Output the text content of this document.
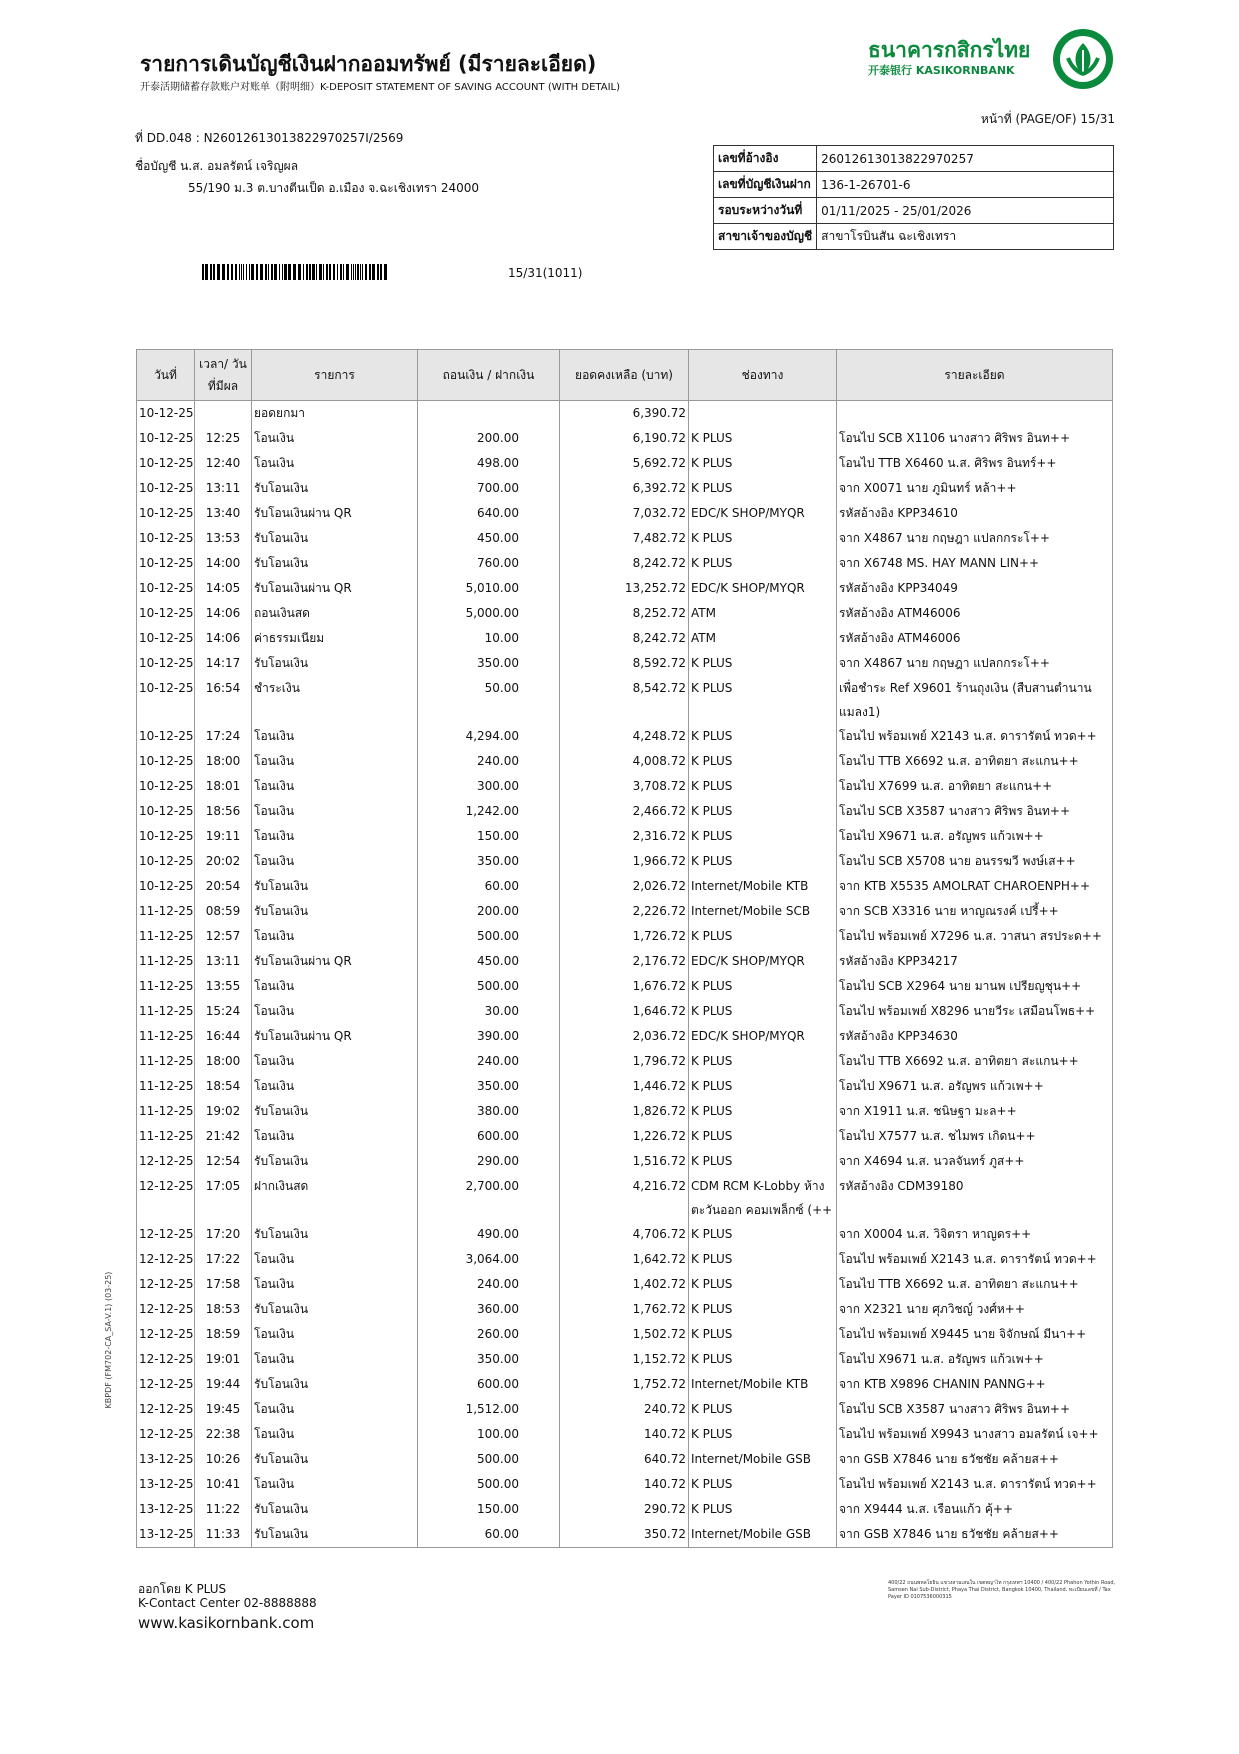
รายการเดินบัญชีเงินฝากออมทรัพย์ (มีรายละเอียด)
开泰活期储蓄存款账户对账单（附明细）K-DEPOSIT STATEMENT OF SAVING ACCOUNT (WITH DETAIL)
ธนาคารกสิกรไทย
开泰银行 KASIKORNBANK
หน้าที่ (PAGE/OF) 15/31
ที่ DD.048 : N26012613013822970257I/2569
ชื่อบัญชี น.ส. อมลรัตน์ เจริญผล
55/190 ม.3 ต.บางตีนเป็ด อ.เมือง จ.ฉะเชิงเทรา 24000
15/31(1011)
เลขที่อ้างอิง	26012613013822970257
เลขที่บัญชีเงินฝาก	136-1-26701-6
รอบระหว่างวันที่	01/11/2025 - 25/01/2026
สาขาเจ้าของบัญชี	สาขาโรบินสัน ฉะเชิงเทรา
วันที่	เวลา/ วันที่มีผล	รายการ	ถอนเงิน / ฝากเงิน	ยอดคงเหลือ (บาท)	ช่องทาง	รายละเอียด
10-12-25		ยอดยกมา		6,390.72		
10-12-25	12:25	โอนเงิน	200.00	6,190.72	K PLUS	โอนไป SCB X1106 นางสาว ศิริพร อินท++
10-12-25	12:40	โอนเงิน	498.00	5,692.72	K PLUS	โอนไป TTB X6460 น.ส. ศิริพร อินทร์++
10-12-25	13:11	รับโอนเงิน	700.00	6,392.72	K PLUS	จาก X0071 นาย ภูมินทร์ หล้า++
10-12-25	13:40	รับโอนเงินผ่าน QR	640.00	7,032.72	EDC/K SHOP/MYQR	รหัสอ้างอิง KPP34610
10-12-25	13:53	รับโอนเงิน	450.00	7,482.72	K PLUS	จาก X4867 นาย กฤษฎา แปลกกระโ++
10-12-25	14:00	รับโอนเงิน	760.00	8,242.72	K PLUS	จาก X6748 MS. HAY MANN LIN++
10-12-25	14:05	รับโอนเงินผ่าน QR	5,010.00	13,252.72	EDC/K SHOP/MYQR	รหัสอ้างอิง KPP34049
10-12-25	14:06	ถอนเงินสด	5,000.00	8,252.72	ATM	รหัสอ้างอิง ATM46006
10-12-25	14:06	ค่าธรรมเนียม	10.00	8,242.72	ATM	รหัสอ้างอิง ATM46006
10-12-25	14:17	รับโอนเงิน	350.00	8,592.72	K PLUS	จาก X4867 นาย กฤษฎา แปลกกระโ++
10-12-25	16:54	ชำระเงิน	50.00	8,542.72	K PLUS	เพื่อชำระ Ref X9601 ร้านถุงเงิน (สืบสานตำนาน แมลง1)
10-12-25	17:24	โอนเงิน	4,294.00	4,248.72	K PLUS	โอนไป พร้อมเพย์ X2143 น.ส. ดารารัตน์ ทวด++
10-12-25	18:00	โอนเงิน	240.00	4,008.72	K PLUS	โอนไป TTB X6692 น.ส. อาทิตยา สะแกน++
10-12-25	18:01	โอนเงิน	300.00	3,708.72	K PLUS	โอนไป X7699 น.ส. อาทิตยา สะแกน++
10-12-25	18:56	โอนเงิน	1,242.00	2,466.72	K PLUS	โอนไป SCB X3587 นางสาว ศิริพร อินท++
10-12-25	19:11	โอนเงิน	150.00	2,316.72	K PLUS	โอนไป X9671 น.ส. อรัญพร แก้วเพ++
10-12-25	20:02	โอนเงิน	350.00	1,966.72	K PLUS	โอนไป SCB X5708 นาย อนรรฆวี พงษ์เส++
10-12-25	20:54	รับโอนเงิน	60.00	2,026.72	Internet/Mobile KTB	จาก KTB X5535 AMOLRAT CHAROENPH++
11-12-25	08:59	รับโอนเงิน	200.00	2,226.72	Internet/Mobile SCB	จาก SCB X3316 นาย หาญณรงค์ เปรี้++
11-12-25	12:57	โอนเงิน	500.00	1,726.72	K PLUS	โอนไป พร้อมเพย์ X7296 น.ส. วาสนา สรประด++
11-12-25	13:11	รับโอนเงินผ่าน QR	450.00	2,176.72	EDC/K SHOP/MYQR	รหัสอ้างอิง KPP34217
11-12-25	13:55	โอนเงิน	500.00	1,676.72	K PLUS	โอนไป SCB X2964 นาย มานพ เปรียญชุน++
11-12-25	15:24	โอนเงิน	30.00	1,646.72	K PLUS	โอนไป พร้อมเพย์ X8296 นายวีระ เสมือนโพธ++
11-12-25	16:44	รับโอนเงินผ่าน QR	390.00	2,036.72	EDC/K SHOP/MYQR	รหัสอ้างอิง KPP34630
11-12-25	18:00	โอนเงิน	240.00	1,796.72	K PLUS	โอนไป TTB X6692 น.ส. อาทิตยา สะแกน++
11-12-25	18:54	โอนเงิน	350.00	1,446.72	K PLUS	โอนไป X9671 น.ส. อรัญพร แก้วเพ++
11-12-25	19:02	รับโอนเงิน	380.00	1,826.72	K PLUS	จาก X1911 น.ส. ชนิษฐา มะล++
11-12-25	21:42	โอนเงิน	600.00	1,226.72	K PLUS	โอนไป X7577 น.ส. ชไมพร เกิดน++
12-12-25	12:54	รับโอนเงิน	290.00	1,516.72	K PLUS	จาก X4694 น.ส. นวลจันทร์ ภูส++
12-12-25	17:05	ฝากเงินสด	2,700.00	4,216.72	CDM RCM K-Lobby ห้างตะวันออก คอมเพล็กซ์ (++	รหัสอ้างอิง CDM39180
12-12-25	17:20	รับโอนเงิน	490.00	4,706.72	K PLUS	จาก X0004 น.ส. วิจิตรา หาญดร++
12-12-25	17:22	โอนเงิน	3,064.00	1,642.72	K PLUS	โอนไป พร้อมเพย์ X2143 น.ส. ดารารัตน์ ทวด++
12-12-25	17:58	โอนเงิน	240.00	1,402.72	K PLUS	โอนไป TTB X6692 น.ส. อาทิตยา สะแกน++
12-12-25	18:53	รับโอนเงิน	360.00	1,762.72	K PLUS	จาก X2321 นาย ศุภวิชญ์ วงศ์ห++
12-12-25	18:59	โอนเงิน	260.00	1,502.72	K PLUS	โอนไป พร้อมเพย์ X9445 นาย จิจักษณ์ มีนา++
12-12-25	19:01	โอนเงิน	350.00	1,152.72	K PLUS	โอนไป X9671 น.ส. อรัญพร แก้วเพ++
12-12-25	19:44	รับโอนเงิน	600.00	1,752.72	Internet/Mobile KTB	จาก KTB X9896 CHANIN PANNG++
12-12-25	19:45	โอนเงิน	1,512.00	240.72	K PLUS	โอนไป SCB X3587 นางสาว ศิริพร อินท++
12-12-25	22:38	โอนเงิน	100.00	140.72	K PLUS	โอนไป พร้อมเพย์ X9943 นางสาว อมลรัตน์ เจ++
13-12-25	10:26	รับโอนเงิน	500.00	640.72	Internet/Mobile GSB	จาก GSB X7846 นาย ธวัชชัย คล้ายส++
13-12-25	10:41	โอนเงิน	500.00	140.72	K PLUS	โอนไป พร้อมเพย์ X2143 น.ส. ดารารัตน์ ทวด++
13-12-25	11:22	รับโอนเงิน	150.00	290.72	K PLUS	จาก X9444 น.ส. เรือนแก้ว คุ้++
13-12-25	11:33	รับโอนเงิน	60.00	350.72	Internet/Mobile GSB	จาก GSB X7846 นาย ธวัชชัย คล้ายส++
KBPDF (FM702-CA_SA-V.1) (03-25)
ออกโดย K PLUS
K-Contact Center 02-8888888
www.kasikornbank.com
400/22 ถนนพหลโยธิน แขวงสามเสนใน เขตพญาไท กรุงเทพฯ 10400 / 400/22 Phahon Yothin Road, Samsen Nai Sub-District, Phaya Thai District, Bangkok 10400, Thailand. ทะเบียนเลขที่ / Tax Payer ID 0107536000315
